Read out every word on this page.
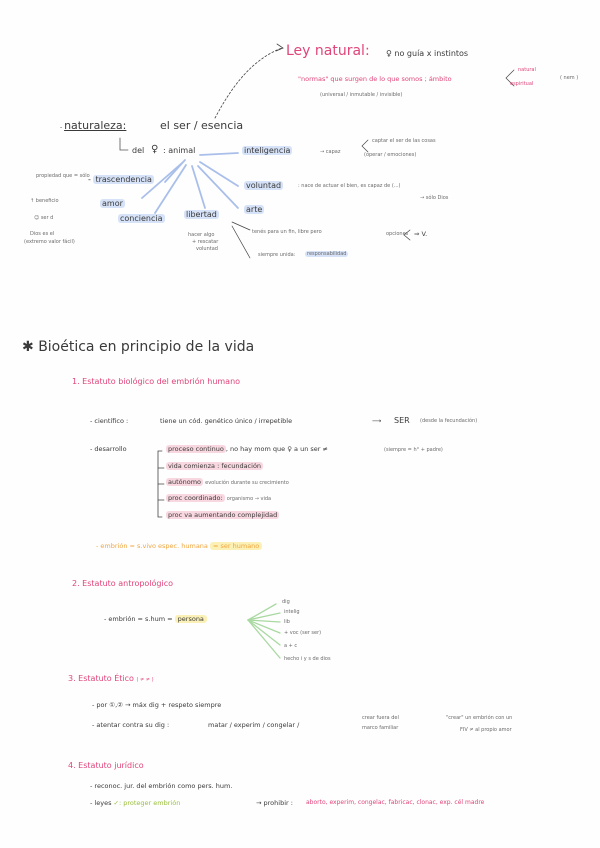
Ley natural: ♀ no guía x instintos
"normas" que surgen de lo que somos ; ámbito
natural
espiritual
( nem )
(universal / inmutable / invisible)
- naturaleza:	el ser / esencia
del ♀ : animal	inteligencia	→ capaz
captar el ser de las cosas
(operar / emociones)
propiedad que = sólo
- trascendencia
voluntad	: nace de actuar el bien, es capaz de (...)
→ sólo Dios
↑ beneficio	amor
☺ ser d
arte
conciencia	libertad
Dios es el
(extremo valor fácil)
tenés para un fin, libre pero	opciones ⇒ V.
hacer algo
+ rescatar
voluntad
siempre unida:	responsabilidad
✱ Bioética en principio de la vida
1. Estatuto biológico del embrión humano
- científico :	tiene un cód. genético único / irrepetible	⟶ SER (desde la fecundación)
- desarrollo	proceso continuo , no hay mom que ♀ a un ser ≠	(siempre = h° + padre)
vida comienza : fecundación
autónomo evolución durante su crecimiento
proc coordinado: organismo → vida
proc va aumentando complejidad
- embrión = s.vivo espec. humana = ser humano
2. Estatuto antropológico
- embrión = s.hum = persona
dig
intelig
lib
+ voc (ser ser)
a + c
hecho i y s de dios
3. Estatuto Ético ( ≠ ≠ )
- por ①,② → máx dig + respeto siempre
- atentar contra su dig :	matar / experim / congelar /
crear fuera del
marco familiar
"crear" un embrión con un
FIV ≠ al propio amor
4. Estatuto jurídico
- reconoc. jur. del embrión como pers. hum.
- leyes ✓: proteger embrión	→ prohibir : aborto, experim, congelac, fabricac, clonac, exp. cél madre
